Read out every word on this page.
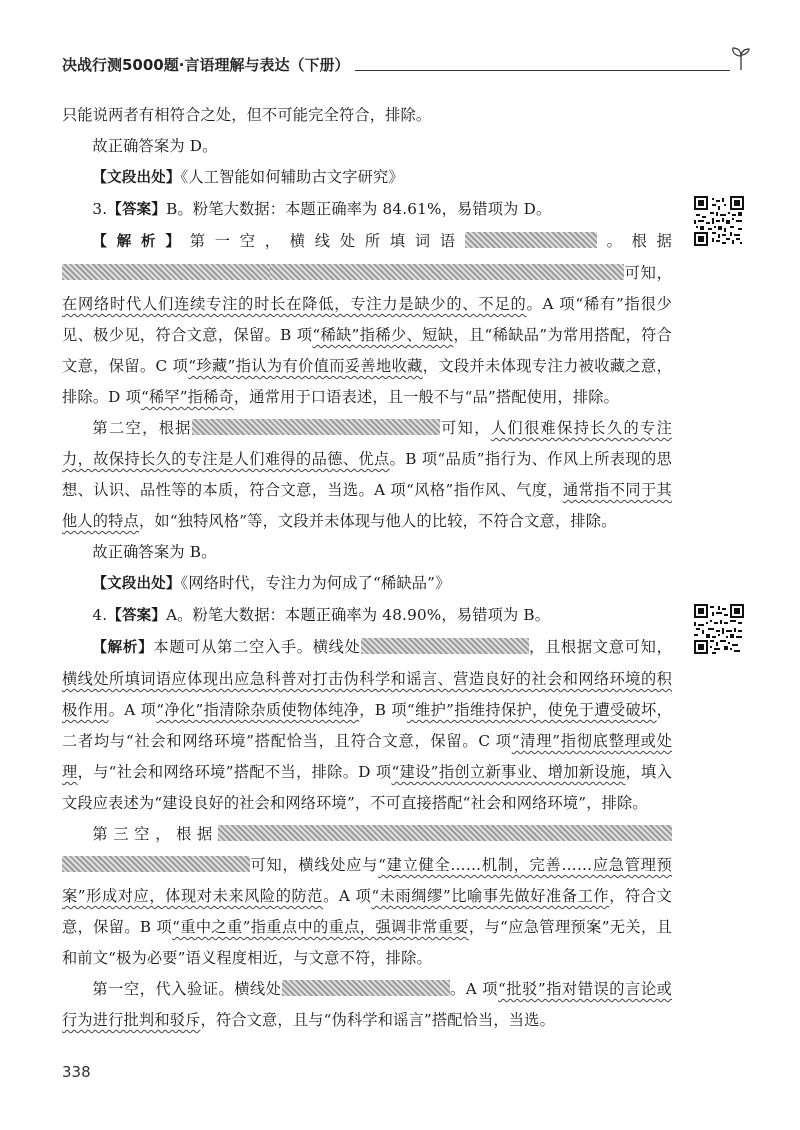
决战行测5000题·言语理解与表达（下册）

只能说两者有相符合之处，但不可能完全符合，排除。

故正确答案为 D。

【文段出处】《人工智能如何辅助古文字研究》

3.【答案】B。粉笔大数据：本题正确率为 84.61%，易错项为 D。

【解析】第一空，横线处所填词语	。根据可知，在网络时代人们连续专注的时长在降低，专注力是缺少的、不足的。A 项“稀有”指很少见、极少见，符合文意，保留。B 项“稀缺”指稀少、短缺，且“稀缺品”为常用搭配，符合文意，保留。C 项“珍藏”指认为有价值而妥善地收藏，文段并未体现专注力被收藏之意，排除。D 项“稀罕”指稀奇，通常用于口语表述，且一般不与“品”搭配使用，排除。

第二空，根据	可知，人们很难保持长久的专注力，故保持长久的专注是人们难得的品德、优点。B 项“品质”指行为、作风上所表现的思想、认识、品性等的本质，符合文意，当选。A 项“风格”指作风、气度，通常指不同于其他人的特点，如“独特风格”等，文段并未体现与他人的比较，不符合文意，排除。

故正确答案为 B。

【文段出处】《网络时代，专注力为何成了“稀缺品”》

4.【答案】A。粉笔大数据：本题正确率为 48.90%，易错项为 B。

【解析】本题可从第二空入手。横线处	，且根据文意可知，横线处所填词语应体现出应急科普对打击伪科学和谣言、营造良好的社会和网络环境的积极作用。A 项“净化”指清除杂质使物体纯净，B 项“维护”指维持保护，使免于遭受破坏，二者均与“社会和网络环境”搭配恰当，且符合文意，保留。C 项“清理”指彻底整理或处理，与“社会和网络环境”搭配不当，排除。D 项“建设”指创立新事业、增加新设施，填入文段应表述为“建设良好的社会和网络环境”，不可直接搭配“社会和网络环境”，排除。

第三空，根据可知，横线处应与“建立健全……机制，完善……应急管理预案”形成对应，体现对未来风险的防范。A 项“未雨绸缪”比喻事先做好准备工作，符合文意，保留。B 项“重中之重”指重点中的重点，强调非常重要，与“应急管理预案”无关，且和前文“极为必要”语义程度相近，与文意不符，排除。

第一空，代入验证。横线处	。A 项“批驳”指对错误的言论或行为进行批判和驳斥，符合文意，且与“伪科学和谣言”搭配恰当，当选。

338
